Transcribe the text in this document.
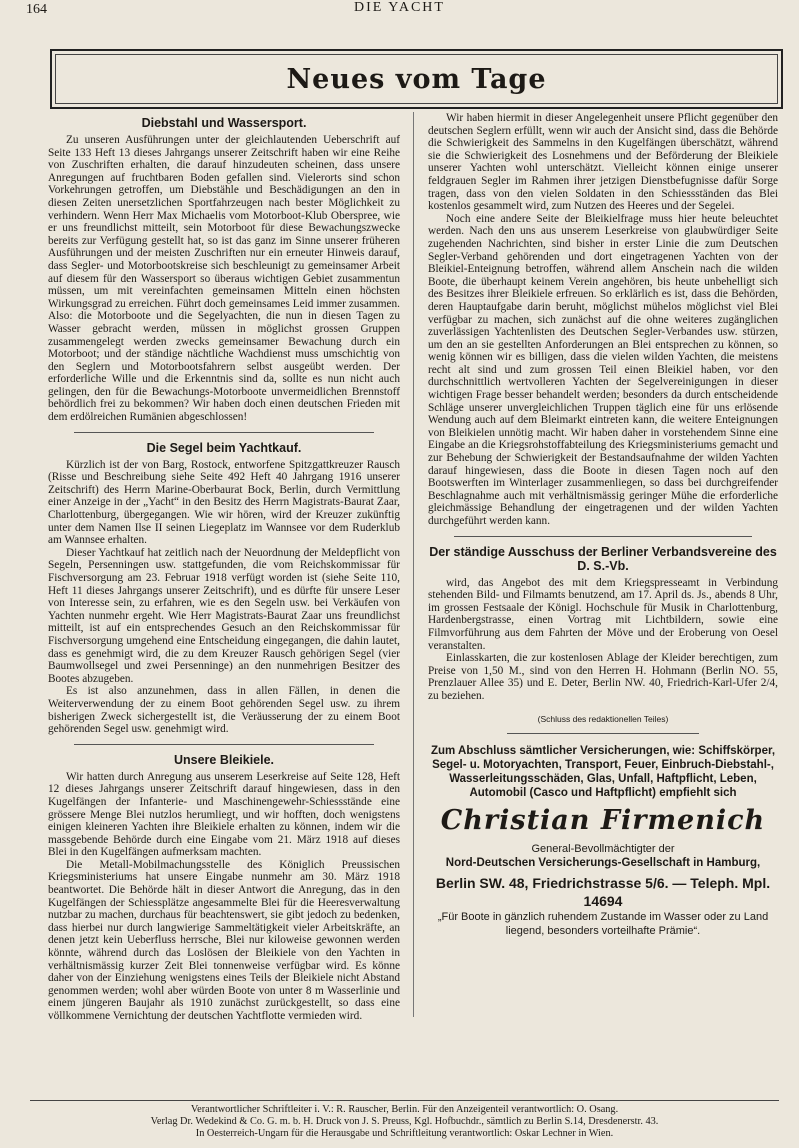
164	DIE YACHT
Neues vom Tage
Diebstahl und Wassersport.

Zu unseren Ausführungen unter der gleichlautenden Ueberschrift auf Seite 133 Heft 13 dieses Jahrgangs unserer Zeitschrift haben wir eine Reihe von Zuschriften erhalten, die darauf hinzudeuten scheinen, dass unsere Anregungen auf fruchtbaren Boden gefallen sind. Vielerorts sind schon Vorkehrungen getroffen, um Diebstähle und Beschädigungen an den in diesen Zeiten unersetzlichen Sportfahrzeugen nach bester Möglichkeit zu verhindern. Wenn Herr Max Michaelis vom Motorboot-Klub Oberspree, wie er uns freundlichst mitteilt, sein Motorboot für diese Bewachungszwecke bereits zur Verfügung gestellt hat, so ist das ganz im Sinne unserer früheren Ausführungen und der meisten Zuschriften nur ein erneuter Hinweis darauf, dass Segler- und Motorbootskreise sich beschleunigt zu gemeinsamer Arbeit auf diesem für den Wassersport so überaus wichtigen Gebiet zusammentun müssen, um mit vereinfachten gemeinsamen Mitteln einen höchsten Wirkungsgrad zu erreichen. Führt doch gemeinsames Leid immer zusammen. Also: die Motorboote und die Segelyachten, die nun in diesen Tagen zu Wasser gebracht werden, müssen in möglichst grossen Gruppen zusammengelegt werden zwecks gemeinsamer Bewachung durch ein Motorboot; und der ständige nächtliche Wachdienst muss umschichtig von den Seglern und Motorbootsfahrern selbst ausgeübt werden. Der erforderliche Wille und die Erkenntnis sind da, sollte es nun nicht auch gelingen, den für die Bewachungs-Motorboote unvermeidlichen Brennstoff behördlich frei zu bekommen? Wir haben doch einen deutschen Frieden mit dem erdölreichen Rumänien abgeschlossen!

Die Segel beim Yachtkauf.

Kürzlich ist der von Barg, Rostock, entworfene Spitzgattkreuzer Rausch (Risse und Beschreibung siehe Seite 492 Heft 40 Jahrgang 1916 unserer Zeitschrift) des Herrn Marine-Oberbaurat Bock, Berlin, durch Vermittlung einer Anzeige in der „Yacht“ in den Besitz des Herrn Magistrats-Baurat Zaar, Charlottenburg, übergegangen. Wie wir hören, wird der Kreuzer zukünftig unter dem Namen Ilse II seinen Liegeplatz im Wannsee vor dem Ruderklub am Wannsee erhalten.

Dieser Yachtkauf hat zeitlich nach der Neuordnung der Meldepflicht von Segeln, Persenningen usw. stattgefunden, die vom Reichskommissar für Fischversorgung am 23. Februar 1918 verfügt worden ist (siehe Seite 110, Heft 11 dieses Jahrgangs unserer Zeitschrift), und es dürfte für unsere Leser von Interesse sein, zu erfahren, wie es den Segeln usw. bei Verkäufen von Yachten nunmehr ergeht. Wie Herr Magistrats-Baurat Zaar uns freundlichst mitteilt, ist auf ein entsprechendes Gesuch an den Reichskommissar für Fischversorgung umgehend eine Entscheidung eingegangen, die dahin lautet, dass es genehmigt wird, die zu dem Kreuzer Rausch gehörigen Segel (vier Baumwollsegel und zwei Persenninge) an den nunmehrigen Besitzer des Bootes abzugeben.

Es ist also anzunehmen, dass in allen Fällen, in denen die Weiterverwendung der zu einem Boot gehörenden Segel usw. zu ihrem bisherigen Zweck sichergestellt ist, die Veräusserung der zu einem Boot gehörenden Segel usw. genehmigt wird.

Unsere Bleikiele.

Wir hatten durch Anregung aus unserem Leserkreise auf Seite 128, Heft 12 dieses Jahrgangs unserer Zeitschrift darauf hingewiesen, dass in den Kugelfängen der Infanterie- und Maschinengewehr-Schiessstände eine grössere Menge Blei nutzlos herumliegt, und wir hofften, doch wenigstens einigen kleineren Yachten ihre Bleikiele erhalten zu können, indem wir die massgebende Behörde durch eine Eingabe vom 21. März 1918 auf dieses Blei in den Kugelfängen aufmerksam machten.

Die Metall-Mobilmachungsstelle des Königlich Preussischen Kriegsministeriums hat unsere Eingabe nunmehr am 30. März 1918 beantwortet. Die Behörde hält in dieser Antwort die Anregung, das in den Kugelfängen der Schiessplätze angesammelte Blei für die Heeresverwaltung nutzbar zu machen, durchaus für beachtenswert, sie gibt jedoch zu bedenken, dass hierbei nur durch langwierige Sammeltätigkeit vieler Arbeitskräfte, an denen jetzt kein Ueberfluss herrsche, Blei nur kiloweise gewonnen werden könnte, während durch das Loslösen der Bleikiele von den Yachten in verhältnismässig kurzer Zeit Blei tonnenweise verfügbar wird. Es könne daher von der Einziehung wenigstens eines Teils der Bleikiele nicht Abstand genommen werden; wohl aber würden Boote von unter 8 m Wasserlinie und einem jüngeren Baujahr als 1910 zunächst zurückgestellt, so dass eine völlkommene Vernichtung der deutschen Yachtflotte vermieden wird.

Wir haben hiermit in dieser Angelegenheit unsere Pflicht gegenüber den deutschen Seglern erfüllt, wenn wir auch der Ansicht sind, dass die Behörde die Schwierigkeit des Sammelns in den Kugelfängen überschätzt, während sie die Schwierigkeit des Losnehmens und der Beförderung der Bleikiele unserer Yachten wohl unterschätzt. Vielleicht können einige unserer feldgrauen Segler im Rahmen ihrer jetzigen Dienstbefugnisse dafür Sorge tragen, dass von den vielen Soldaten in den Schiessständen das Blei kostenlos gesammelt wird, zum Nutzen des Heeres und der Segelei.

Noch eine andere Seite der Bleikielfrage muss hier heute beleuchtet werden. Nach den uns aus unserem Leserkreise von glaubwürdiger Seite zugehenden Nachrichten, sind bisher in erster Linie die zum Deutschen Segler-Verband gehörenden und dort eingetragenen Yachten von der Bleikiel-Enteignung betroffen, während allem Anschein nach die wilden Boote, die überhaupt keinem Verein angehören, bis heute unbehelligt sich des Besitzes ihrer Bleikiele erfreuen. So erklärlich es ist, dass die Behörden, deren Hauptaufgabe darin beruht, möglichst mühelos möglichst viel Blei verfügbar zu machen, sich zunächst auf die ohne weiteres zugänglichen zuverlässigen Yachtenlisten des Deutschen Segler-Verbandes usw. stürzen, um den an sie gestellten Anforderungen an Blei entsprechen zu können, so wenig können wir es billigen, dass die vielen wilden Yachten, die meistens recht alt sind und zum grossen Teil einen Bleikiel haben, vor den durchschnittlich wertvolleren Yachten der Segelvereinigungen in dieser wichtigen Frage besser behandelt werden; besonders da durch entscheidende Schläge unserer unvergleichlichen Truppen täglich eine für uns erlösende Wendung auch auf dem Bleimarkt eintreten kann, die weitere Enteignungen von Bleikielen unnötig macht. Wir haben daher in vorstehendem Sinne eine Eingabe an die Kriegsrohstoffabteilung des Kriegsministeriums gemacht und zur Behebung der Schwierigkeit der Bestandsaufnahme der wilden Yachten darauf hingewiesen, dass die Boote in diesen Tagen noch auf den Bootswerften im Winterlager zusammenliegen, so dass bei durchgreifender Beschlagnahme auch mit verhältnismässig geringer Mühe die erforderliche gleichmässige Behandlung der eingetragenen und der wilden Yachten durchgeführt werden kann.

Der ständige Ausschuss der Berliner Verbandsvereine des D. S.-Vb.

wird, das Angebot des mit dem Kriegspresseamt in Verbindung stehenden Bild- und Filmamts benutzend, am 17. April ds. Js., abends 8 Uhr, im grossen Festsaale der Königl. Hochschule für Musik in Charlottenburg, Hardenbergstrasse, einen Vortrag mit Lichtbildern, sowie eine Filmvorführung aus dem Fahrten der Möve und der Eroberung von Oesel veranstalten.

Einlasskarten, die zur kostenlosen Ablage der Kleider berechtigen, zum Preise von 1,50 M., sind von den Herren H. Hohmann (Berlin NO. 55, Prenzlauer Allee 35) und E. Deter, Berlin NW. 40, Friedrich-Karl-Ufer 2/4, zu beziehen.

(Schluss des redaktionellen Teiles)
Zum Abschluss sämtlicher Versicherungen, wie: Schiffskörper, Segel- u. Motoryachten, Transport, Feuer, Einbruch-Diebstahl-, Wasserleitungsschäden, Glas, Unfall, Haftpflicht, Leben, Automobil (Casco und Haftpflicht) empfiehlt sich
Christian Firmenich
General-Bevollmächtigter der
Nord-Deutschen Versicherungs-Gesellschaft in Hamburg,
Berlin SW. 48, Friedrichstrasse 5/6. — Teleph. Mpl. 14694
„Für Boote in gänzlich ruhendem Zustande im Wasser oder zu Land liegend, besonders vorteilhafte Prämie“.
Verantwortlicher Schriftleiter i. V.: R. Rauscher, Berlin. Für den Anzeigenteil verantwortlich: O. Osang.
Verlag Dr. Wedekind & Co. G. m. b. H. Druck von J. S. Preuss, Kgl. Hofbuchdr., sämtlich zu Berlin S.14, Dresdenerstr. 43.
In Oesterreich-Ungarn für die Herausgabe und Schriftleitung verantwortlich: Oskar Lechner in Wien.
